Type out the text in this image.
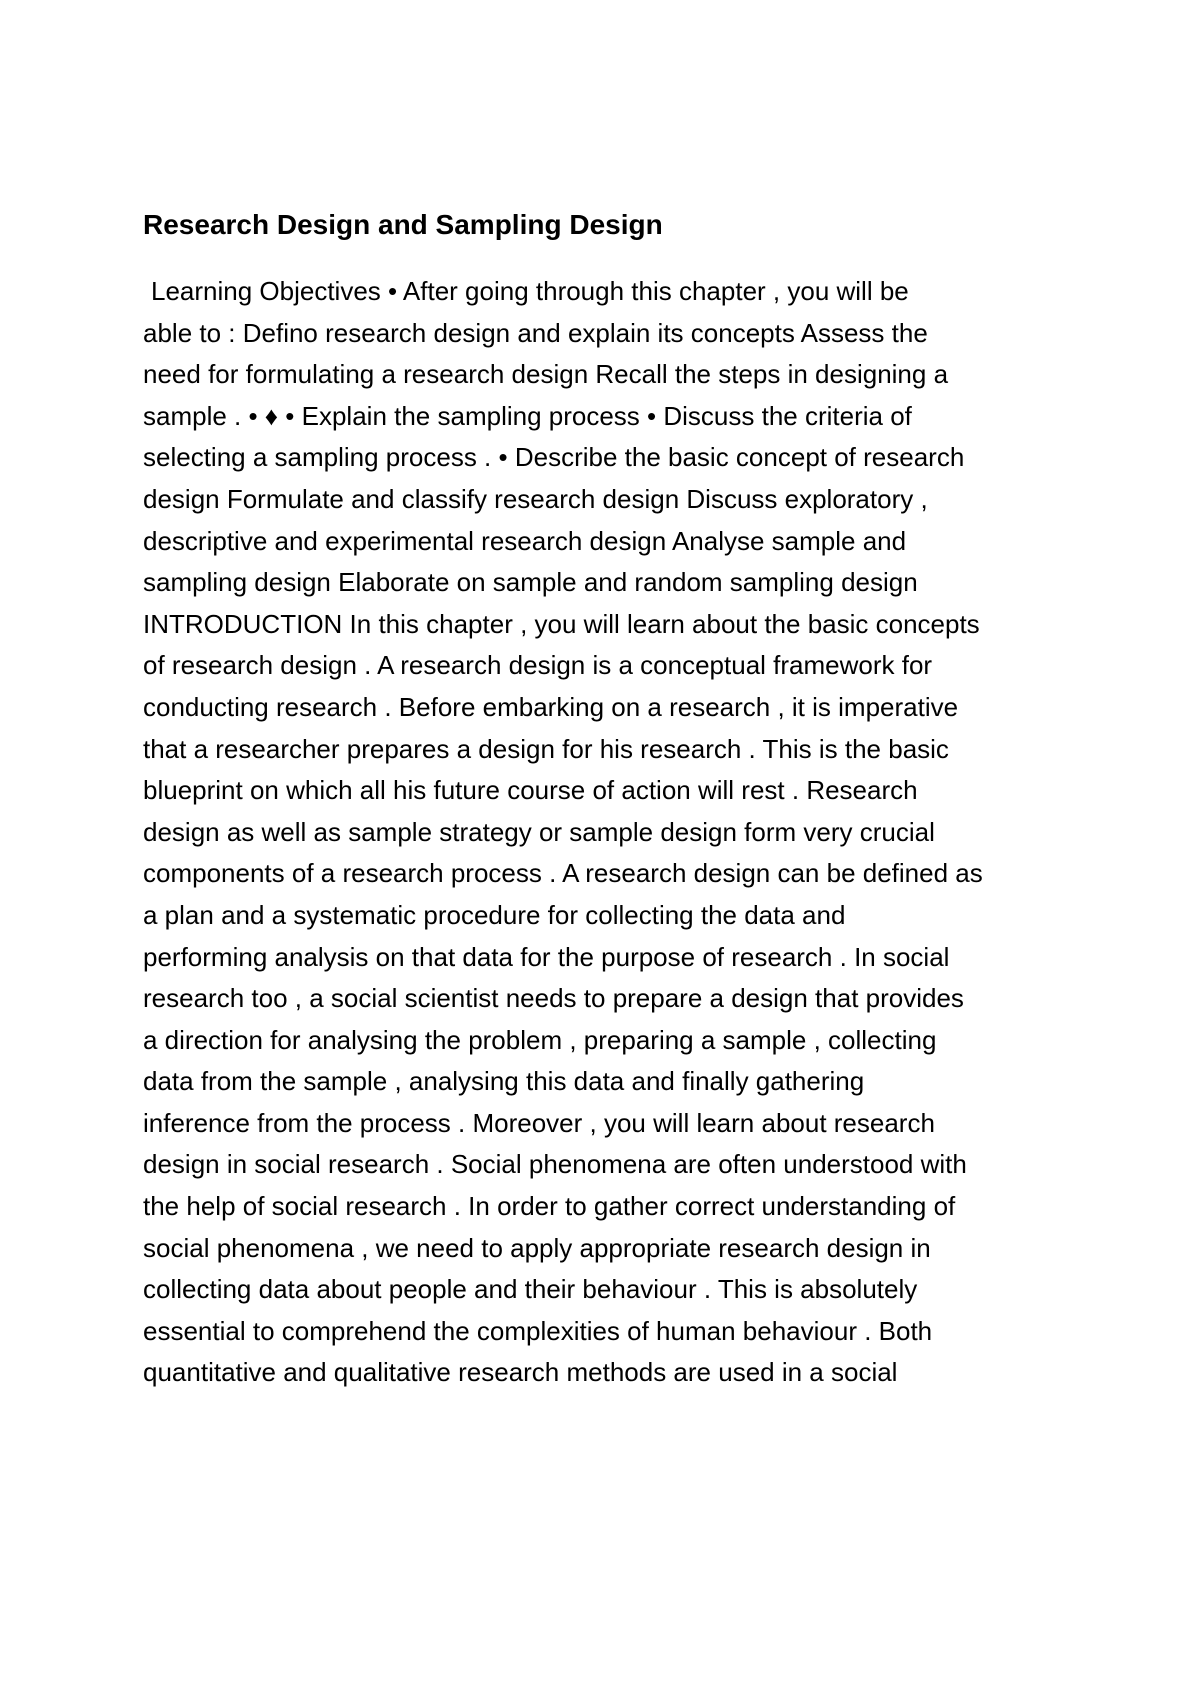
Research Design and Sampling Design
Learning Objectives • After going through this chapter , you will be
able to : Defino research design and explain its concepts Assess the
need for formulating a research design Recall the steps in designing a
sample . • ♦ • Explain the sampling process • Discuss the criteria of
selecting a sampling process . • Describe the basic concept of research
design Formulate and classify research design Discuss exploratory ,
descriptive and experimental research design Analyse sample and
sampling design Elaborate on sample and random sampling design
INTRODUCTION In this chapter , you will learn about the basic concepts
of research design . A research design is a conceptual framework for
conducting research . Before embarking on a research , it is imperative
that a researcher prepares a design for his research . This is the basic
blueprint on which all his future course of action will rest . Research
design as well as sample strategy or sample design form very crucial
components of a research process . A research design can be defined as
a plan and a systematic procedure for collecting the data and
performing analysis on that data for the purpose of research . In social
research too , a social scientist needs to prepare a design that provides
a direction for analysing the problem , preparing a sample , collecting
data from the sample , analysing this data and finally gathering
inference from the process . Moreover , you will learn about research
design in social research . Social phenomena are often understood with
the help of social research . In order to gather correct understanding of
social phenomena , we need to apply appropriate research design in
collecting data about people and their behaviour . This is absolutely
essential to comprehend the complexities of human behaviour . Both
quantitative and qualitative research methods are used in a social
